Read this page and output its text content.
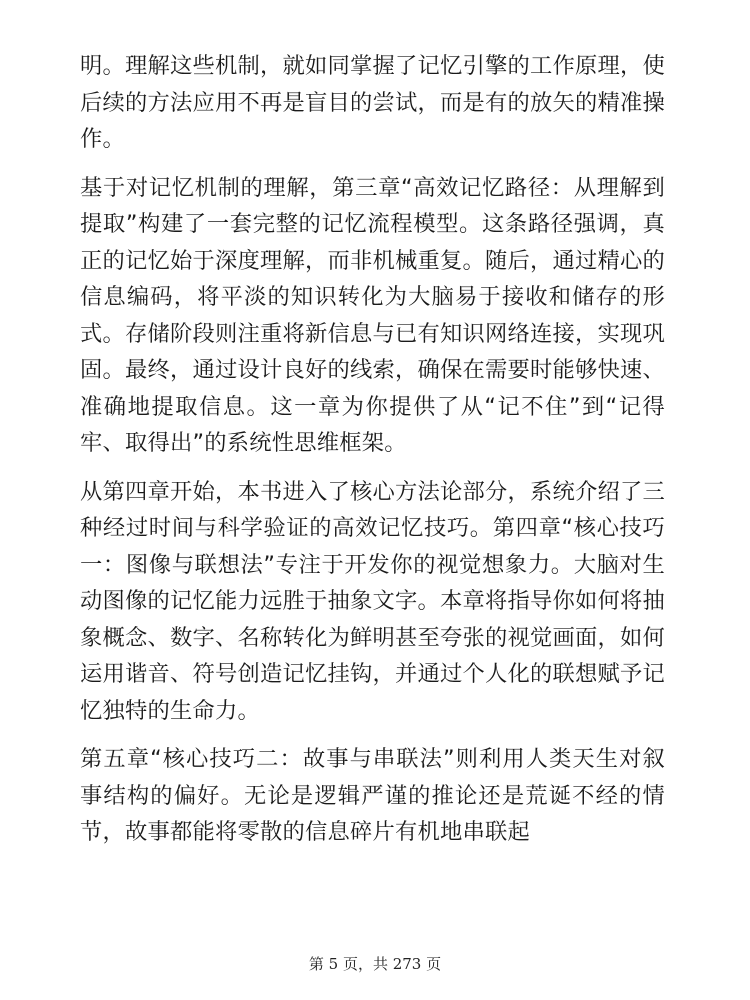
明。理解这些机制，就如同掌握了记忆引擎的工作原理，使后续的方法应用不再是盲目的尝试，而是有的放矢的精准操作。

基于对记忆机制的理解，第三章“高效记忆路径：从理解到提取”构建了一套完整的记忆流程模型。这条路径强调，真正的记忆始于深度理解，而非机械重复。随后，通过精心的信息编码，将平淡的知识转化为大脑易于接收和储存的形式。存储阶段则注重将新信息与已有知识网络连接，实现巩固。最终，通过设计良好的线索，确保在需要时能够快速、准确地提取信息。这一章为你提供了从“记不住”到“记得牢、取得出”的系统性思维框架。

从第四章开始，本书进入了核心方法论部分，系统介绍了三种经过时间与科学验证的高效记忆技巧。第四章“核心技巧一：图像与联想法”专注于开发你的视觉想象力。大脑对生动图像的记忆能力远胜于抽象文字。本章将指导你如何将抽象概念、数字、名称转化为鲜明甚至夸张的视觉画面，如何运用谐音、符号创造记忆挂钩，并通过个人化的联想赋予记忆独特的生命力。

第五章“核心技巧二：故事与串联法”则利用人类天生对叙事结构的偏好。无论是逻辑严谨的推论还是荒诞不经的情节，故事都能将零散的信息碎片有机地串联起

第 5 页，共 273 页
